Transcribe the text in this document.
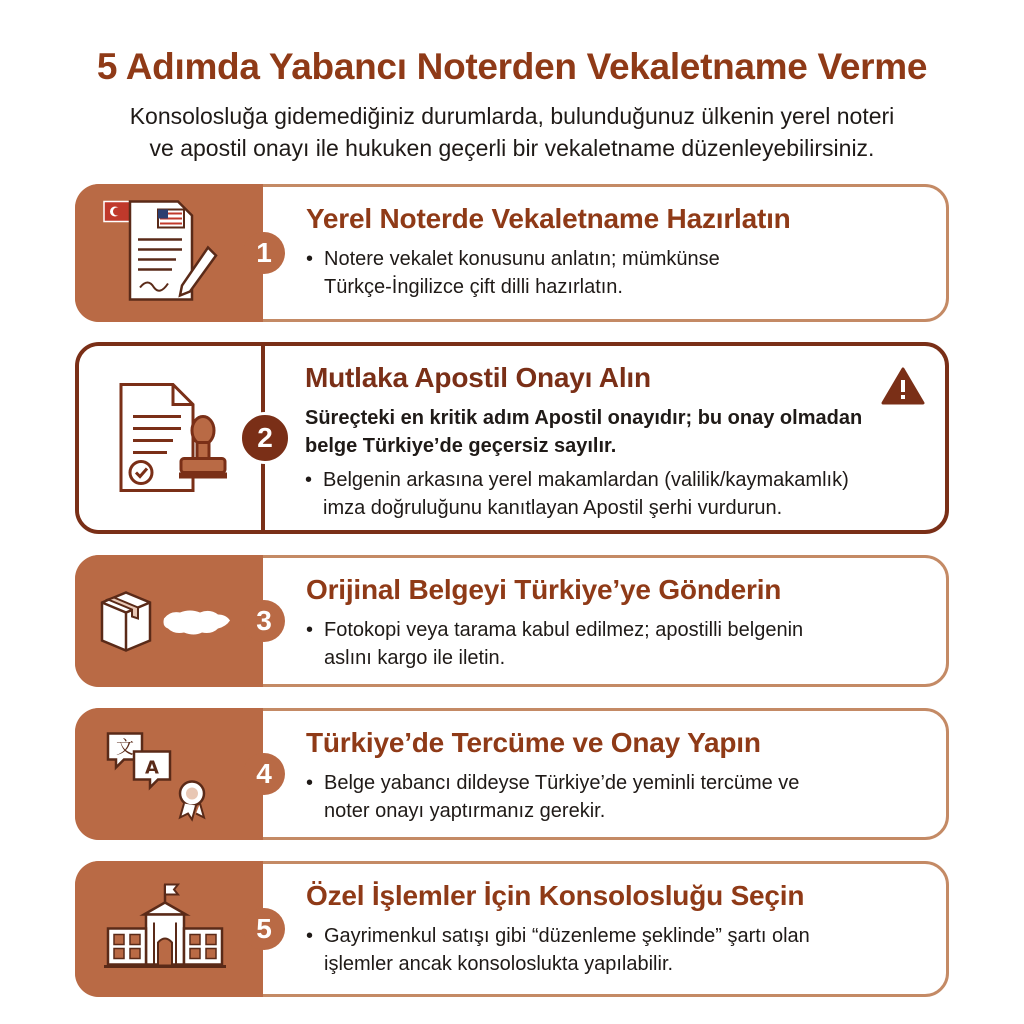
5 Adımda Yabancı Noterden Vekaletname Verme
Konsolosluğa gidemediğiniz durumlarda, bulunduğunuz ülkenin yerel noteri
ve apostil onayı ile hukuken geçerli bir vekaletname düzenleyebilirsiniz.
1
Yerel Noterde Vekaletname Hazırlatın
• Notere vekalet konusunu anlatın; mümkünse
Türkçe-İngilizce çift dilli hazırlatın.
2
Mutlaka Apostil Onayı Alın
Süreçteki en kritik adım Apostil onayıdır; bu onay olmadan
belge Türkiye’de geçersiz sayılır.
• Belgenin arkasına yerel makamlardan (valilik/kaymakamlık)
imza doğruluğunu kanıtlayan Apostil şerhi vurdurun.
3
Orijinal Belgeyi Türkiye’ye Gönderin
• Fotokopi veya tarama kabul edilmez; apostilli belgenin
aslını kargo ile iletin.
文
A	4
Türkiye’de Tercüme ve Onay Yapın
• Belge yabancı dildeyse Türkiye’de yeminli tercüme ve
noter onayı yaptırmanız gerekir.
5
Özel İşlemler İçin Konsolosluğu Seçin
• Gayrimenkul satışı gibi “düzenleme şeklinde” şartı olan
işlemler ancak konsoloslukta yapılabilir.
